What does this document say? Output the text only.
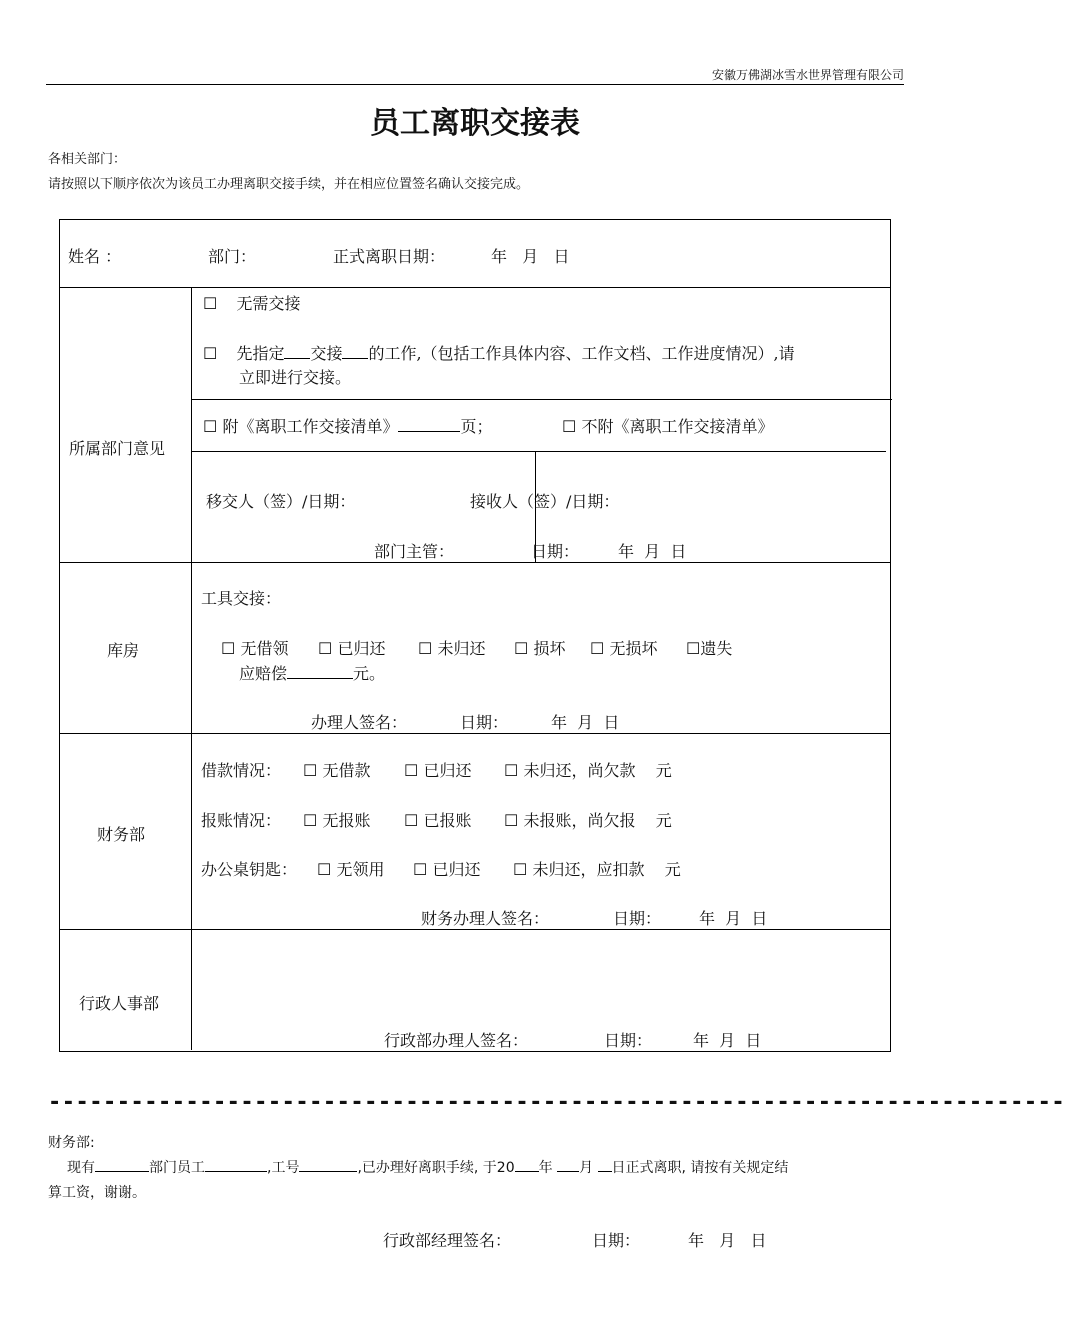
安徽万佛湖冰雪水世界管理有限公司
员工离职交接表
各相关部门：
请按照以下顺序依次为该员工办理离职交接手续，并在相应位置签名确认交接完成。
姓名 ：	部门：	正式离职日期：	年   月   日
所属部门意见
☐ 无需交接
☐ 先指定 交接 的工作,（包括工作具体内容、工作文档、工作进度情况）,请
立即进行交接。
☐ 附《离职工作交接清单》	页；	☐ 不附《离职工作交接清单》
移交人（签）/日期：	接收人（签）/日期：
部门主管：	日期： 年  月  日
库房
工具交接：
☐ 无借领 ☐ 已归还 ☐ 未归还 ☐ 损坏 ☐ 无损坏 ☐遗失
应赔偿	元。
办理人签名：	日期：	年  月  日
财务部
借款情况： ☐ 无借款 ☐ 已归还 ☐ 未归还，尚欠款    元
报账情况： ☐ 无报账 ☐ 已报账 ☐ 未报账，尚欠报    元
办公桌钥匙： ☐ 无领用 ☐ 已归还 ☐ 未归还，应扣款    元
财务办理人签名：	日期： 年  月  日
行政人事部
行政部办理人签名：	日期：	年  月  日
--------------------------------------------------------------------------
财务部:
现有	部门员工	,工号	,已办理好离职手续, 于20 年 月 日正式离职, 请按有关规定结
算工资，谢谢。
行政部经理签名：	日期：	年   月   日
